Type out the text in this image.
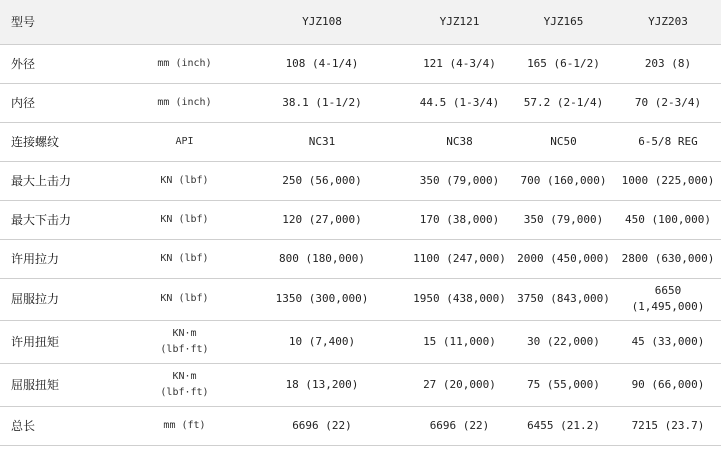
型号		YJZ108	YJZ121	YJZ165	YJZ203
外径	mm (inch)	108 (4-1/4)	121 (4-3/4)	165 (6-1/2)	203 (8)
内径	mm (inch)	38.1 (1-1/2)	44.5 (1-3/4)	57.2 (2-1/4)	70 (2-3/4)
连接螺纹	API	NC31	NC38	NC50	6-5/8 REG
最大上击力	KN (lbf)	250 (56,000)	350 (79,000)	700 (160,000)	1000 (225,000)
最大下击力	KN (lbf)	120 (27,000)	170 (38,000)	350 (79,000)	450 (100,000)
许用拉力	KN (lbf)	800 (180,000)	1100 (247,000)	2000 (450,000)	2800 (630,000)
屈服拉力	KN (lbf)	1350 (300,000)	1950 (438,000)	3750 (843,000)	6650
(1,495,000)

许用扭矩	KN·m
(lbf·ft)	10 (7,400)	15 (11,000)	30 (22,000)	45 (33,000)
屈服扭矩	KN·m
(lbf·ft)	18 (13,200)	27 (20,000)	75 (55,000)	90 (66,000)
总长	mm (ft)	6696 (22)	6696 (22)	6455 (21.2)	7215 (23.7)
